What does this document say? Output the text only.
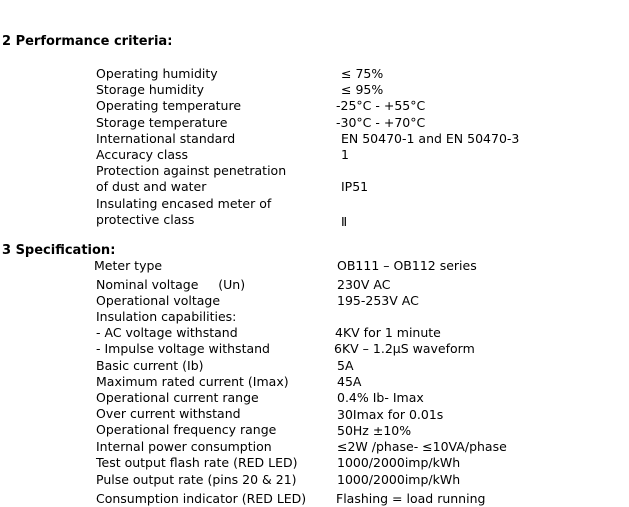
2 Performance criteria:
Operating humidity	≤ 75%
Storage humidity	≤ 95%
Operating temperature	-25°C - +55°C
Storage temperature	-30°C - +70°C
International standard	EN 50470-1 and EN 50470-3
Accuracy class	1
Protection against penetration
of dust and water	IP51
Insulating encased meter of
protective class	Ⅱ
3 Specification:
Meter type	OB111 – OB112 series
Nominal voltage     (Un)	230V AC
Operational voltage	195-253V AC
Insulation capabilities:
- AC voltage withstand	4KV for 1 minute
- Impulse voltage withstand	6KV – 1.2μS waveform
Basic current (Ib)	5A
Maximum rated current (Imax)	45A
Operational current range	0.4% Ib- Imax
Over current withstand	30Imax for 0.01s
Operational frequency range	50Hz ±10%
Internal power consumption	≤2W /phase- ≤10VA/phase
Test output flash rate (RED LED)	1000/2000imp/kWh
Pulse output rate (pins 20 & 21)	1000/2000imp/kWh
Consumption indicator (RED LED) Flashing = load running
